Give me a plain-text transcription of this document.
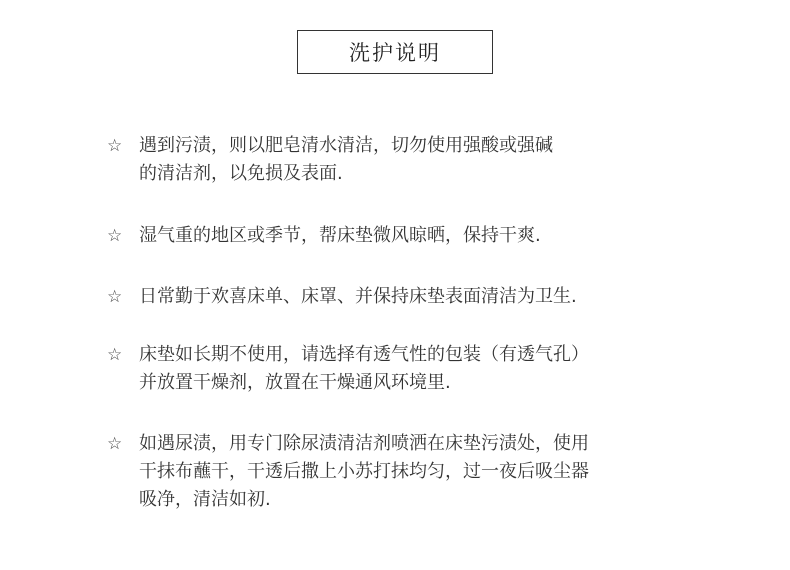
洗护说明
☆ 遇到污渍，则以肥皂清水清洁，切勿使用强酸或强碱
的清洁剂，以免损及表面.
☆ 湿气重的地区或季节，帮床垫微风晾晒，保持干爽.
☆ 日常勤于欢喜床单、床罩、并保持床垫表面清洁为卫生.
☆ 床垫如长期不使用，请选择有透气性的包装（有透气孔）
并放置干燥剂，放置在干燥通风环境里.
☆ 如遇尿渍，用专门除尿渍清洁剂喷洒在床垫污渍处，使用
干抹布蘸干，干透后撒上小苏打抹均匀，过一夜后吸尘器
吸净，清洁如初.
